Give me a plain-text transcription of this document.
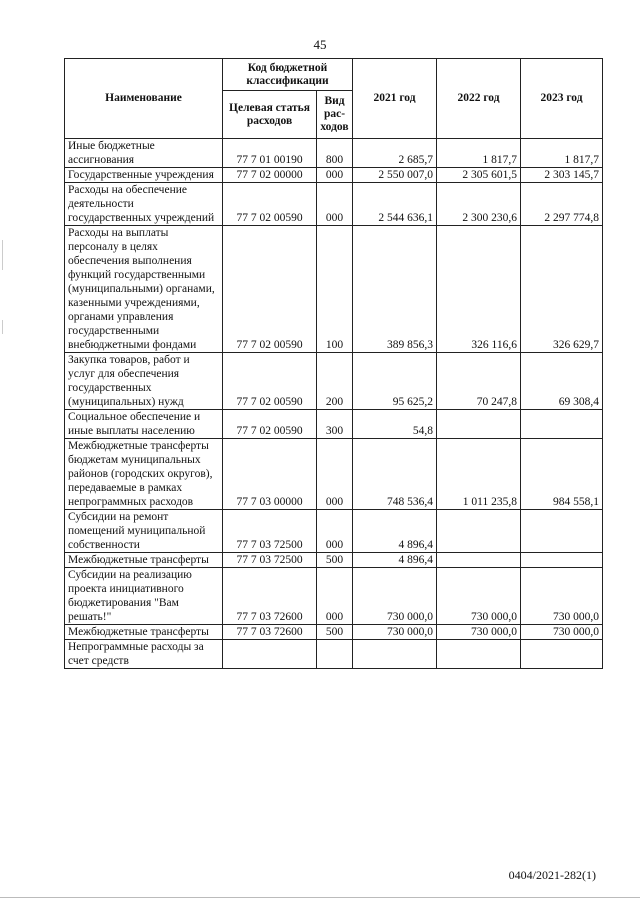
45
Наименование	Код бюджетной классификации		2021 год	2022 год	2023 год
	Целевая статья расходов	Вид рас-ходов			
Иные бюджетные ассигнования	77 7 01 00190	800	2 685,7	1 817,7	1 817,7
Государственные учреждения	77 7 02 00000	000	2 550 007,0	2 305 601,5	2 303 145,7
Расходы на обеспечение деятельности государственных учреждений	77 7 02 00590	000	2 544 636,1	2 300 230,6	2 297 774,8
Расходы на выплаты персоналу в целях обеспечения выполнения функций государственными (муниципальными) органами, казенными учреждениями, органами управления государственными внебюджетными фондами	77 7 02 00590	100	389 856,3	326 116,6	326 629,7
Закупка товаров, работ и услуг для обеспечения государственных (муниципальных) нужд	77 7 02 00590	200	95 625,2	70 247,8	69 308,4
Социальное обеспечение и иные выплаты населению	77 7 02 00590	300	54,8		
Межбюджетные трансферты бюджетам муниципальных районов (городских округов), передаваемые в рамках непрограммных расходов	77 7 03 00000	000	748 536,4	1 011 235,8	984 558,1
Субсидии на ремонт помещений муниципальной собственности	77 7 03 72500	000	4 896,4		
Межбюджетные трансферты	77 7 03 72500	500	4 896,4		
Субсидии на реализацию проекта инициативного бюджетирования "Вам решать!"	77 7 03 72600	000	730 000,0	730 000,0	730 000,0
Межбюджетные трансферты	77 7 03 72600	500	730 000,0	730 000,0	730 000,0
Непрограммные расходы за счет средств					
0404/2021-282(1)
